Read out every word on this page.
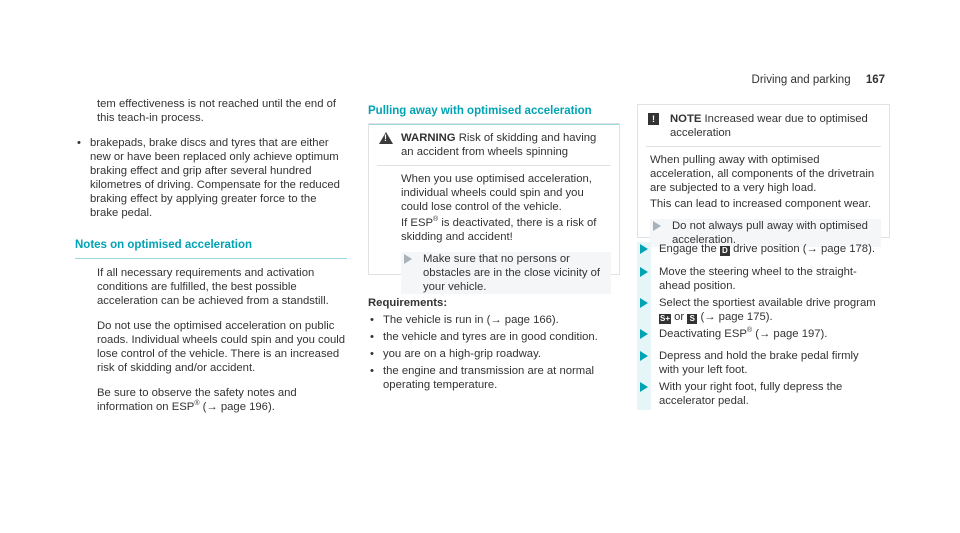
Driving and parking 167

tem effectiveness is not reached until the end of this teach-in process.

• brakepads, brake discs and tyres that are either new or have been replaced only achieve optimum braking effect and grip after several hundred kilometres of driving. Compensate for the reduced braking effect by applying greater force to the brake pedal.

Notes on optimised acceleration

If all necessary requirements and activation conditions are fulfilled, the best possible acceleration can be achieved from a standstill.

Do not use the optimised acceleration on public roads. Individual wheels could spin and you could lose control of the vehicle. There is an increased risk of skidding and/or accident.

Be sure to observe the safety notes and information on ESP® (→ page 196).

Pulling away with optimised acceleration
!
WARNING Risk of skidding and having an accident from wheels spinning

When you use optimised acceleration, individual wheels could spin and you could lose control of the vehicle.

If ESP® is deactivated, there is a risk of skidding and accident!

Make sure that no persons or obstacles are in the close vicinity of your vehicle.

Requirements:

• The vehicle is run in (→ page 166).

• the vehicle and tyres are in good condition.

• you are on a high-grip roadway.

• the engine and transmission are at normal operating temperature.

!	NOTE Increased wear due to optimised acceleration

When pulling away with optimised acceleration, all components of the drivetrain are subjected to a very high load.

This can lead to increased component wear.

Do not always pull away with optimised acceleration.
Engage the D drive position (→ page 178).
Move the steering wheel to the straight-ahead position.
Select the sportiest available drive program
S+ or S (→ page 175).
Deactivating ESP® (→ page 197).
Depress and hold the brake pedal firmly with your left foot.
With your right foot, fully depress the accelerator pedal.
